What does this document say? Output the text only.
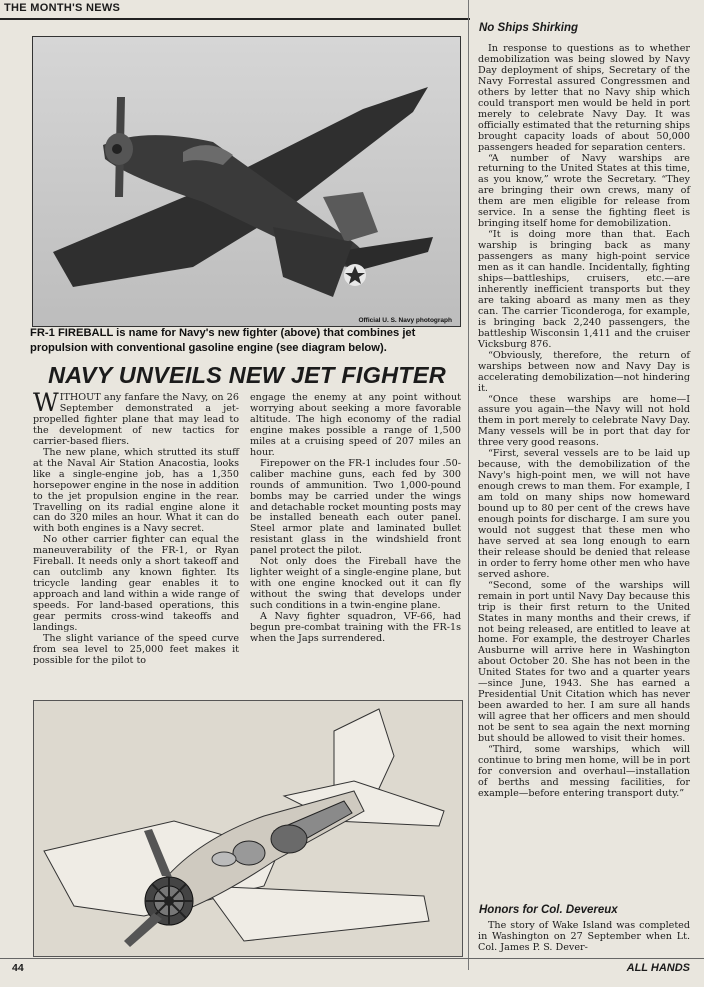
THE MONTH'S NEWS
Official U. S. Navy photograph
FR-1 FIREBALL is name for Navy's new fighter (above) that combines jet propulsion with conventional gasoline engine (see diagram below).
NAVY UNVEILS NEW JET FIGHTER

WITHOUT any fanfare the Navy, on 26 September demonstrated a jet-propelled fighter plane that may lead to the development of new tactics for carrier-based fliers.

The new plane, which strutted its stuff at the Naval Air Station Anacostia, looks like a single-engine job, has a 1,350 horsepower engine in the nose in addition to the jet propulsion engine in the rear. Travelling on its radial engine alone it can do 320 miles an hour. What it can do with both engines is a Navy secret.

No other carrier fighter can equal the maneuverability of the FR-1, or Ryan Fireball. It needs only a short takeoff and can outclimb any known fighter. Its tricycle landing gear enables it to approach and land within a wide range of speeds. For land-based operations, this gear permits cross-wind takeoffs and landings.

The slight variance of the speed curve from sea level to 25,000 feet makes it possible for the pilot to

engage the enemy at any point without worrying about seeking a more favorable altitude. The high economy of the radial engine makes possible a range of 1,500 miles at a cruising speed of 207 miles an hour.

Firepower on the FR-1 includes four .50-caliber machine guns, each fed by 300 rounds of ammunition. Two 1,000-pound bombs may be carried under the wings and detachable rocket mounting posts may be installed beneath each outer panel. Steel armor plate and laminated bullet resistant glass in the windshield front panel protect the pilot.

Not only does the Fireball have the lighter weight of a single-engine plane, but with one engine knocked out it can fly without the swing that develops under such conditions in a twin-engine plane.

A Navy fighter squadron, VF-66, had begun pre-combat training with the FR-1s when the Japs surrendered.

No Ships Shirking

In response to questions as to whether demobilization was being slowed by Navy Day deployment of ships, Secretary of the Navy Forrestal assured Congressmen and others by letter that no Navy ship which could transport men would be held in port merely to celebrate Navy Day. It was officially estimated that the returning ships brought capacity loads of about 50,000 passengers headed for separation centers.

“A number of Navy warships are returning to the United States at this time, as you know,” wrote the Secretary. “They are bringing their own crews, many of them are men eligible for release from service. In a sense the fighting fleet is bringing itself home for demobilization.

“It is doing more than that. Each warship is bringing back as many passengers as many high-point service men as it can handle. Incidentally, fighting ships—battleships, cruisers, etc.—are inherently inefficient transports but they are taking aboard as many men as they can. The carrier Ticonderoga, for example, is bringing back 2,240 passengers, the battleship Wisconsin 1,411 and the cruiser Vicksburg 876.

“Obviously, therefore, the return of warships between now and Navy Day is accelerating demobilization—not hindering it.

“Once these warships are home—I assure you again—the Navy will not hold them in port merely to celebrate Navy Day. Many vessels will be in port that day for three very good reasons.

“First, several vessels are to be laid up because, with the demobilization of the Navy's high-point men, we will not have enough crews to man them. For example, I am told on many ships now homeward bound up to 80 per cent of the crews have enough points for discharge. I am sure you would not suggest that these men who have served at sea long enough to earn their release should be denied that release in order to ferry home other men who have served ashore.

“Second, some of the warships will remain in port until Navy Day because this trip is their first return to the United States in many months and their crews, if not being released, are entitled to leave at home. For example, the destroyer Charles Ausburne will arrive here in Washington about October 20. She has not been in the United States for two and a quarter years—since June, 1943. She has earned a Presidential Unit Citation which has never been awarded to her. I am sure all hands will agree that her officers and men should not be sent to sea again the next morning but should be allowed to visit their homes.

“Third, some warships, which will continue to bring men home, will be in port for conversion and overhaul—installation of berths and messing facilities, for example—before entering transport duty.”

Honors for Col. Devereux

The story of Wake Island was completed in Washington on 27 September when Lt. Col. James P. S. Dever-

44	ALL HANDS
